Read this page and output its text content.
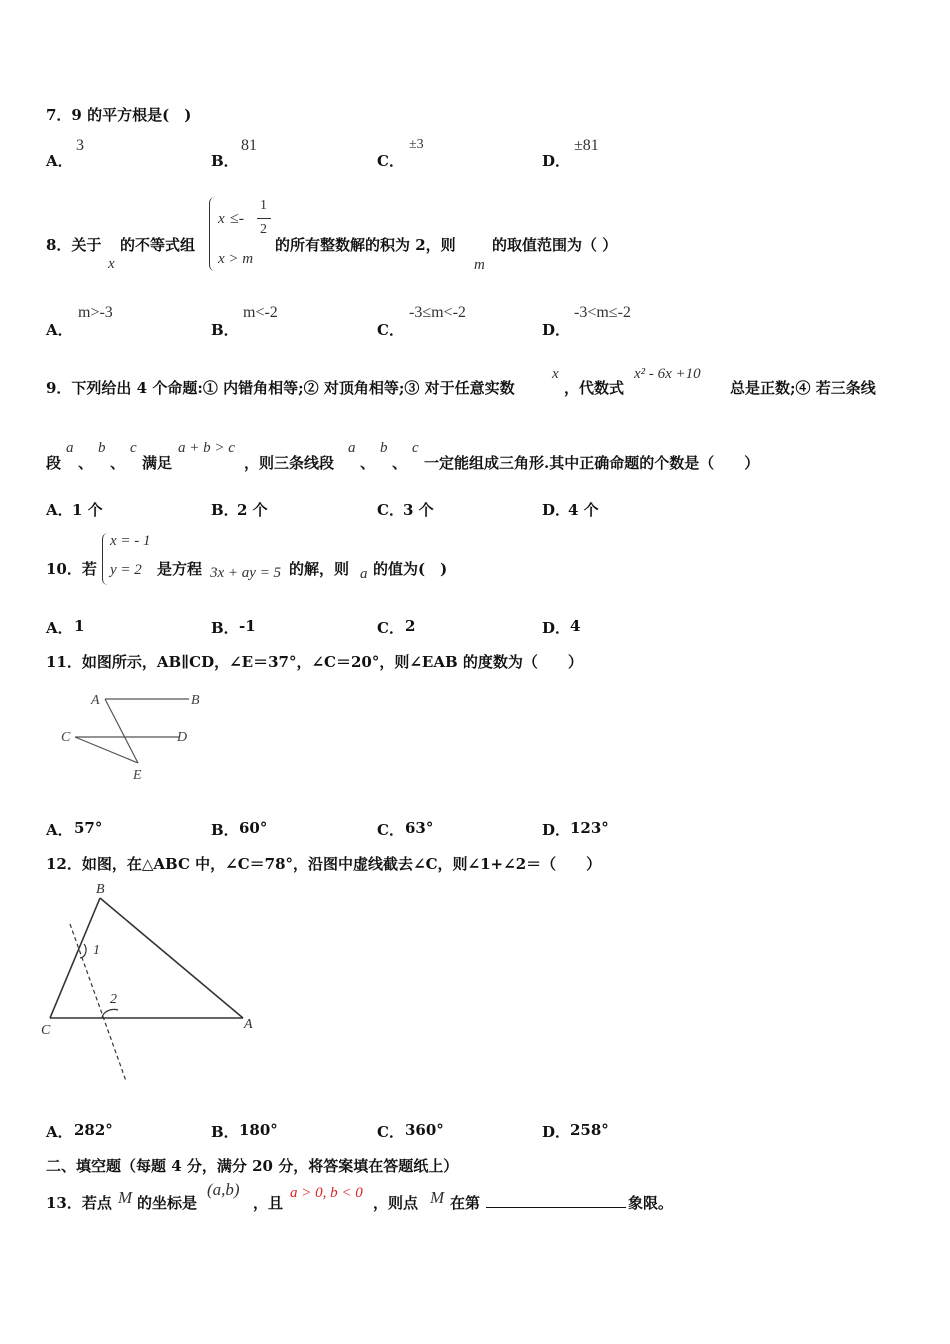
7．9 的平方根是(　)
A．
3
B．
81
C．
±3
D．
±81
8．关于
x
的不等式组
x ≤-
1
2
x > m
的所有整数解的积为 2，则
m
的取值范围为（ ）
A．
m>-3
B．
m<-2
C．
-3≤m<-2
D．
-3<m≤-2
9．下列给出 4 个命题:① 内错角相等;② 对顶角相等;③ 对于任意实数
x
，代数式
x² - 6x +10
总是正数;④ 若三条线
段
a
、
b
、
c
满足
a + b > c
，则三条线段
a
、
b
、
c
一定能组成三角形.其中正确命题的个数是（　　）
A． 1 个	B．
2 个	C． 3 个	D．
4 个
10．若
x = - 1
y = 2 是方程 3x + ay = 5 的解，则 a 的值为(　)
A． 1	B． -1	C． 2	D． 4
11．如图所示，AB∥CD，∠E＝37°，∠C＝20°，则∠EAB 的度数为（　　）
A	B
C	D
E
A． 57°	B． 60°	C． 63°	D． 123°
12．如图，在△ABC 中，∠C＝78°，沿图中虚线截去∠C，则∠1+∠2＝（　　）
B
C	A
1
2
A． 282°	B． 180°	C． 360°	D． 258°
二、填空题（每题 4 分，满分 20 分，将答案填在答题纸上）
13．若点 M 的坐标是
(a,b)
，且
a > 0, b < 0
，则点 M 在第	象限。
